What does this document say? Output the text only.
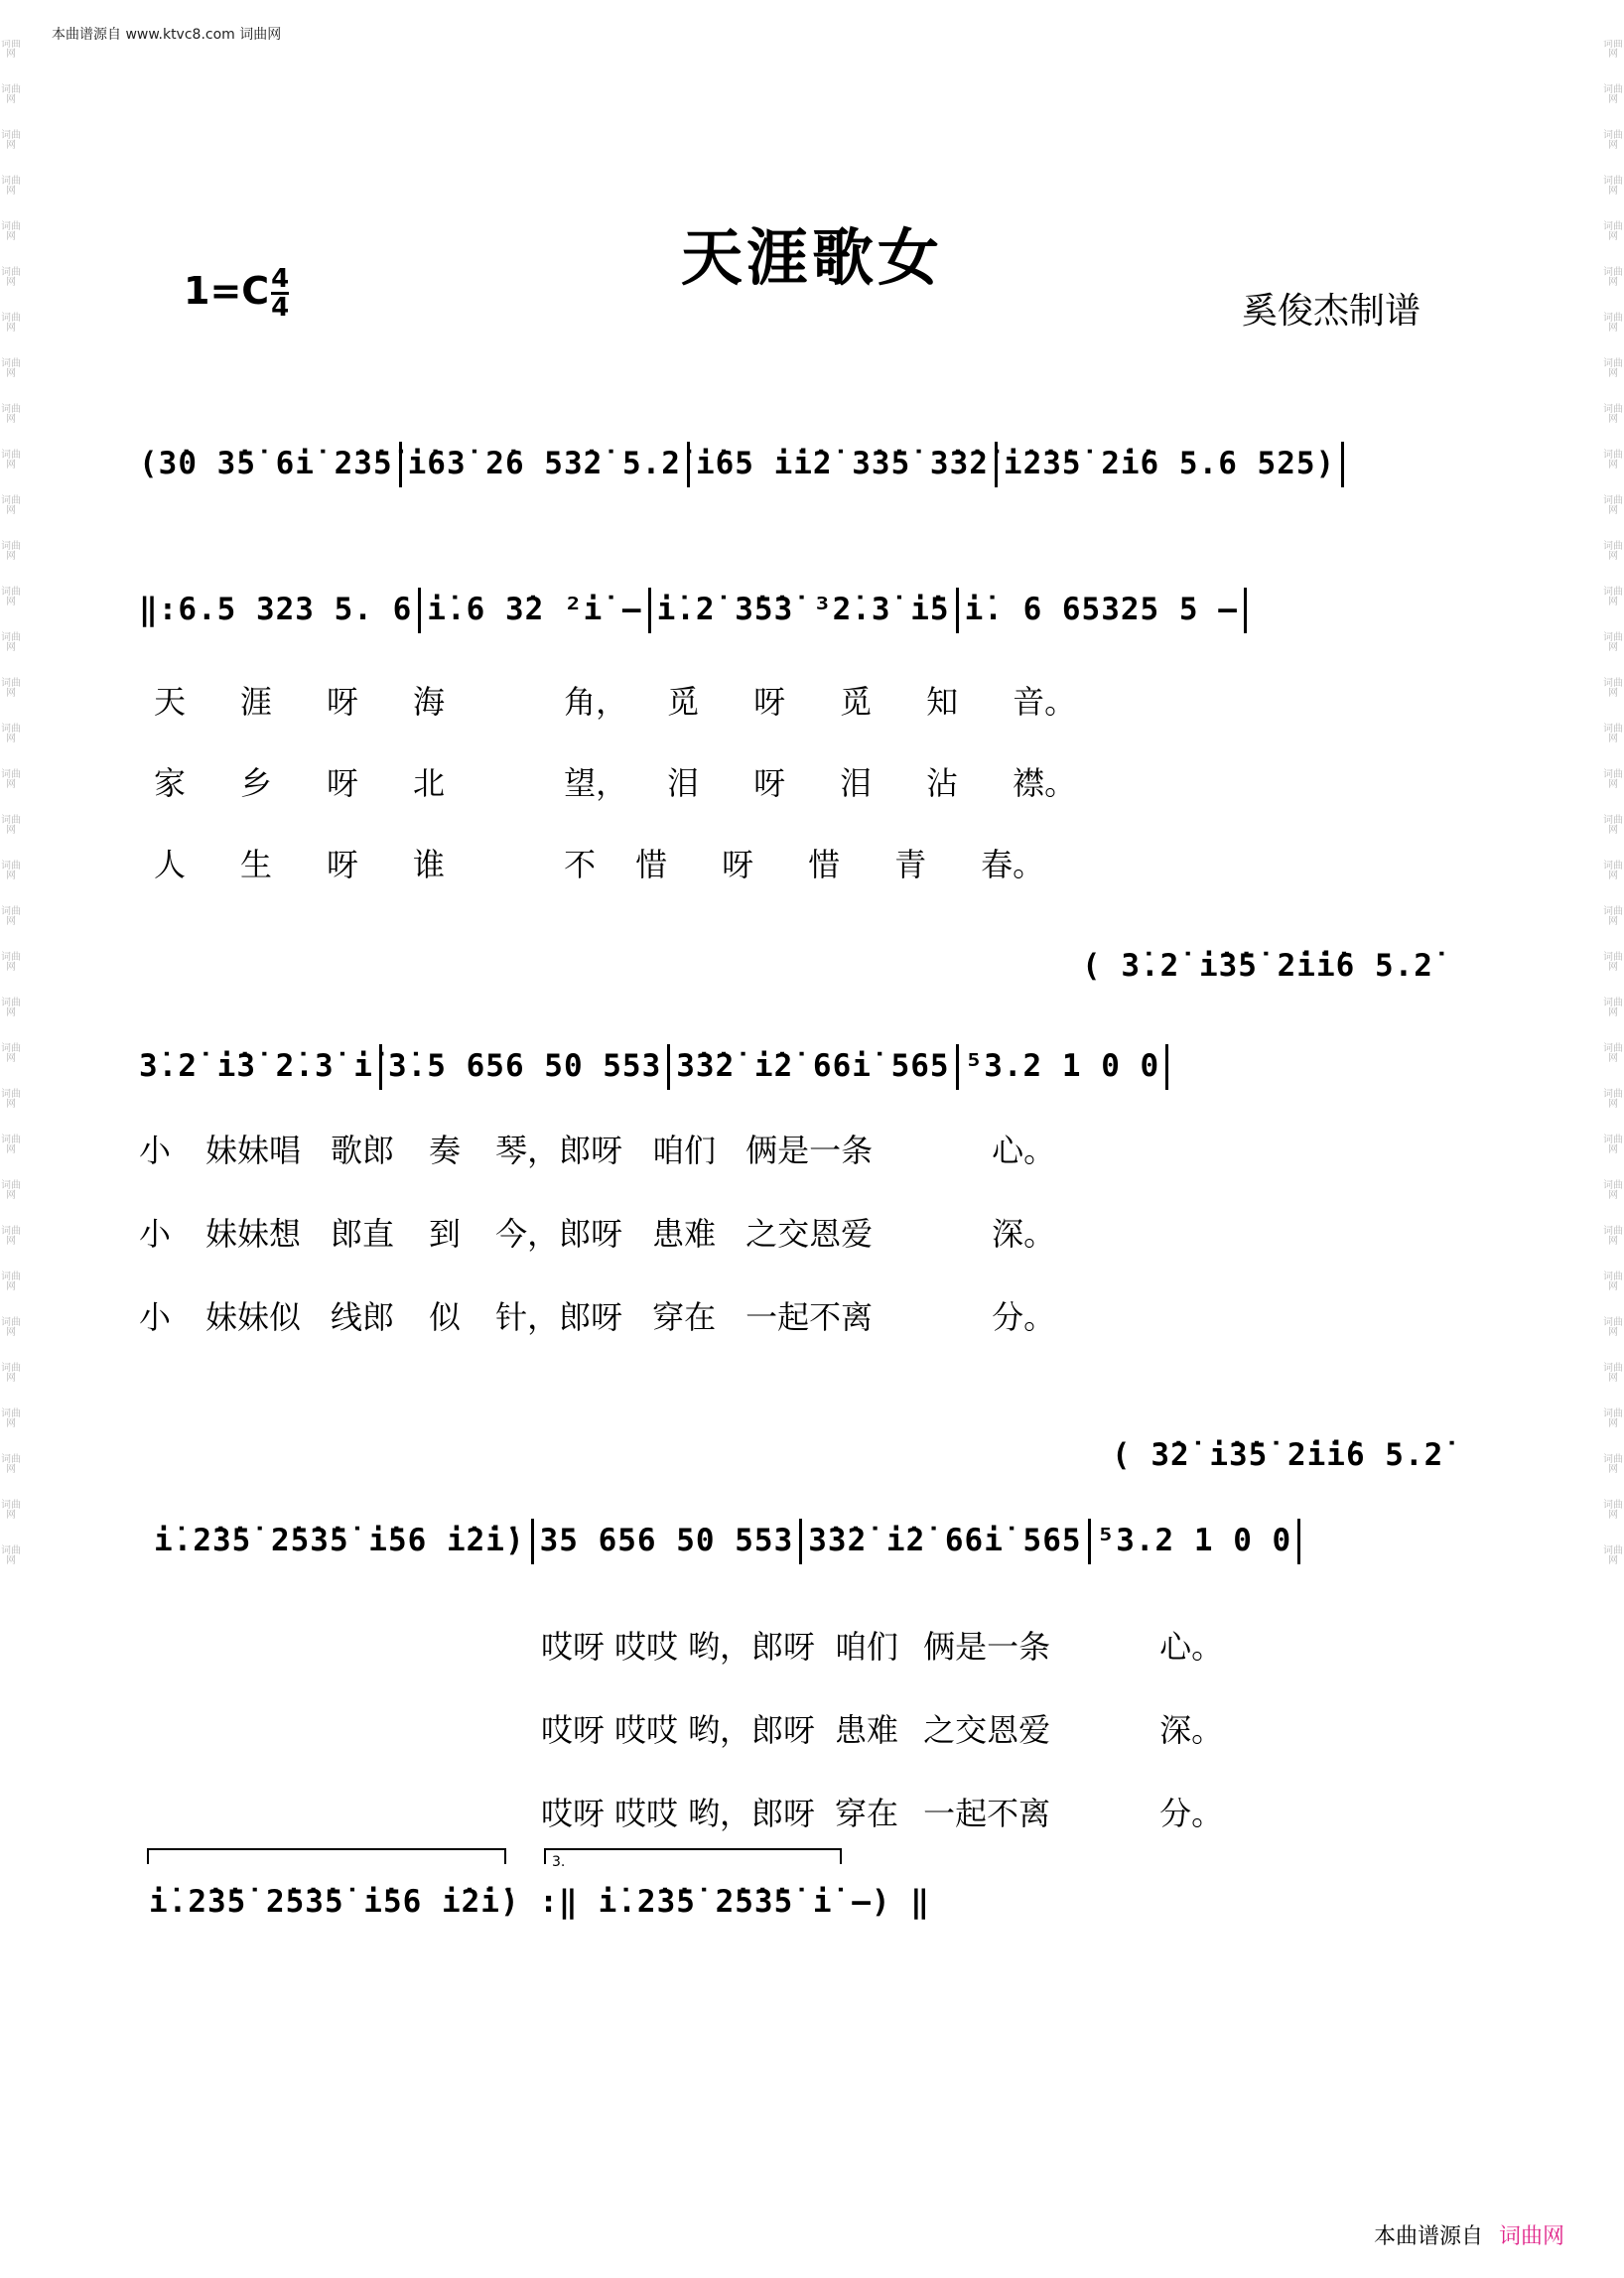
本曲谱源自 www.ktvc8.com 词曲网
词曲网
词曲网
词曲网
词曲网
词曲网
词曲网
词曲网
词曲网
词曲网
词曲网
词曲网
词曲网
词曲网
词曲网
词曲网
词曲网
词曲网
词曲网
词曲网
词曲网
词曲网
词曲网
词曲网
词曲网
词曲网
词曲网
词曲网
词曲网
词曲网
词曲网
词曲网
词曲网
词曲网
词曲网
词曲网
词曲网
词曲网
词曲网
词曲网
词曲网
词曲网
词曲网
词曲网
词曲网
词曲网
词曲网
词曲网
词曲网
词曲网
词曲网
词曲网
词曲网
词曲网
词曲网
词曲网
词曲网
词曲网
词曲网
词曲网
词曲网
词曲网
词曲网
词曲网
词曲网
词曲网
词曲网
词曲网
词曲网
天涯歌女
$1=C \frac{4}{4}$	奚俊杰制谱
(3̇0 3̇5̇ 6i̇ 2̇3̇5̇ i̇63̇ 2̇6 53̇2̇ 5.2̇ i̇65 i̇i̇2̇ 3̇3̇5̇ 3̇3̇2̇ i̇2̇3̇5̇ 2̇i̇6 5.6 525)
‖:6.5 323 5. 6 i̇.6 3̇2 ²i̇ – i̇.2̇ 3̇5̇3̇ ³2̇.3̇ i̇5 i̇. 6 65325 5 –
天 涯 呀 海	角， 觅 呀 觅 知 音。
家 乡 呀 北	望， 泪 呀 泪 沾 襟。
人 生 呀 谁	不 惜 呀 惜 青 春。
( 3̇.2̇ i̇3̇5̇ 2̇i̇i̇6 5.2̇
3̇.2̇ i̇3̇ 2̇.3̇ i̇ 3̇.5 656 50 553 3̇3̇2̇ i̇2̇ 66i̇ 565 ⁵3.2 1 0 0
小 妹妹唱 歌郎 奏 琴，郎呀 咱们 俩是一条	心。
小 妹妹想 郎直 到 今，郎呀 患难 之交恩爱	深。
小 妹妹似 线郎 似 针，郎呀 穿在 一起不离	分。
( 3̇2̇ i̇3̇5̇ 2̇i̇i̇6 5.2̇
i̇.2̇3̇5̇ 2̇5̇3̇5̇ i̇56 i̇2̇i̇) 35 656 50 553 3̇3̇2̇ i̇2̇ 66i̇ 565 ⁵3.2 1 0 0
哎呀 哎哎 哟，郎呀 咱们 俩是一条	心。
哎呀 哎哎 哟，郎呀 患难 之交恩爱	深。
哎呀 哎哎 哟，郎呀 穿在 一起不离	分。
3.
i̇.2̇3̇5̇ 2̇5̇3̇5̇ i̇56 i̇2̇i̇) :‖ i̇.2̇3̇5̇ 2̇5̇3̇5̇ i̇ –) ‖
本曲谱源自 词曲网
